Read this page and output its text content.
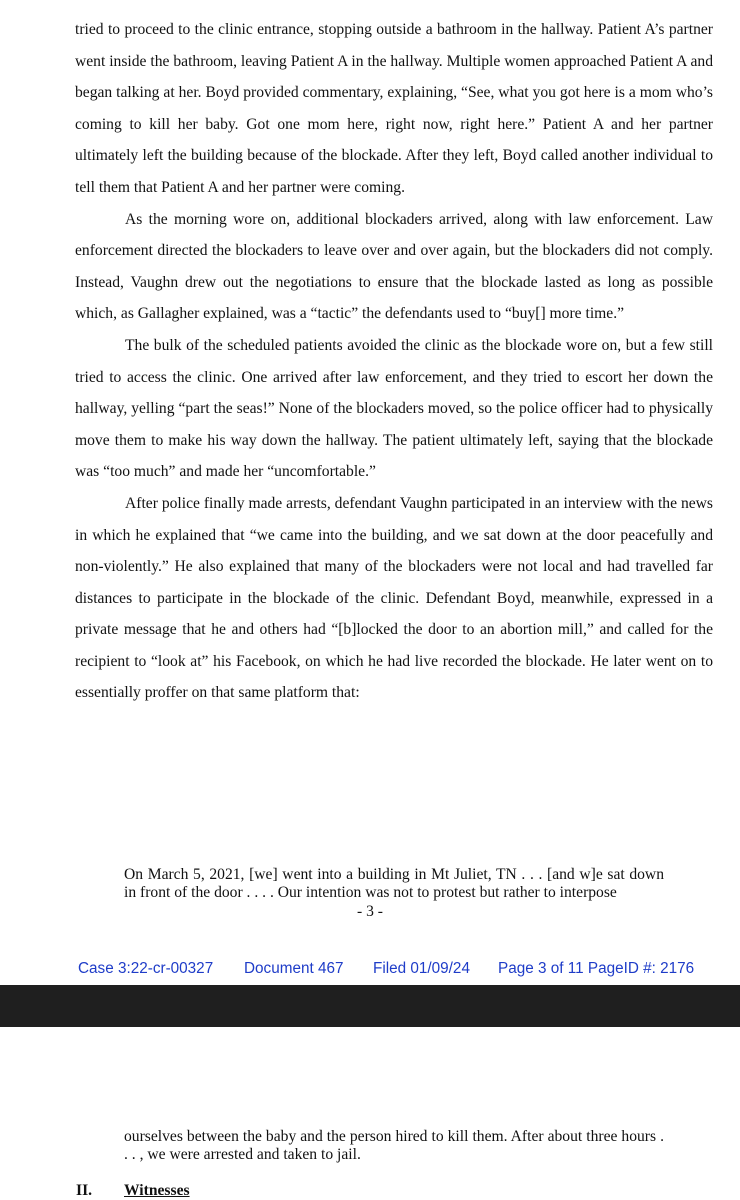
tried to proceed to the clinic entrance, stopping outside a bathroom in the hallway. Patient A’s partner went inside the bathroom, leaving Patient A in the hallway. Multiple women approached Patient A and began talking at her. Boyd provided commentary, explaining, “See, what you got here is a mom who’s coming to kill her baby. Got one mom here, right now, right here.” Patient A and her partner ultimately left the building because of the blockade. After they left, Boyd called another individual to tell them that Patient A and her partner were coming.

As the morning wore on, additional blockaders arrived, along with law enforcement. Law enforcement directed the blockaders to leave over and over again, but the blockaders did not comply. Instead, Vaughn drew out the negotiations to ensure that the blockade lasted as long as possible which, as Gallagher explained, was a “tactic” the defendants used to “buy[] more time.”

The bulk of the scheduled patients avoided the clinic as the blockade wore on, but a few still tried to access the clinic. One arrived after law enforcement, and they tried to escort her down the hallway, yelling “part the seas!” None of the blockaders moved, so the police officer had to physically move them to make his way down the hallway. The patient ultimately left, saying that the blockade was “too much” and made her “uncomfortable.”

After police finally made arrests, defendant Vaughn participated in an interview with the news in which he explained that “we came into the building, and we sat down at the door peacefully and non-violently.” He also explained that many of the blockaders were not local and had travelled far distances to participate in the blockade of the clinic. Defendant Boyd, meanwhile, expressed in a private message that he and others had “[b]locked the door to an abortion mill,” and called for the recipient to “look at” his Facebook, on which he had live recorded the blockade. He later went on to essentially proffer on that same platform that:

On March 5, 2021, [we] went into a building in Mt Juliet, TN . . . [and w]e sat down in front of the door . . . . Our intention was not to protest but rather to interpose

- 3 -
Case 3:22-cr-00327 Document 467 Filed 01/09/24 Page 3 of 11 PageID #: 2176

ourselves between the baby and the person hired to kill them. After about three hours . . . , we were arrested and taken to jail.

II. Witnesses
